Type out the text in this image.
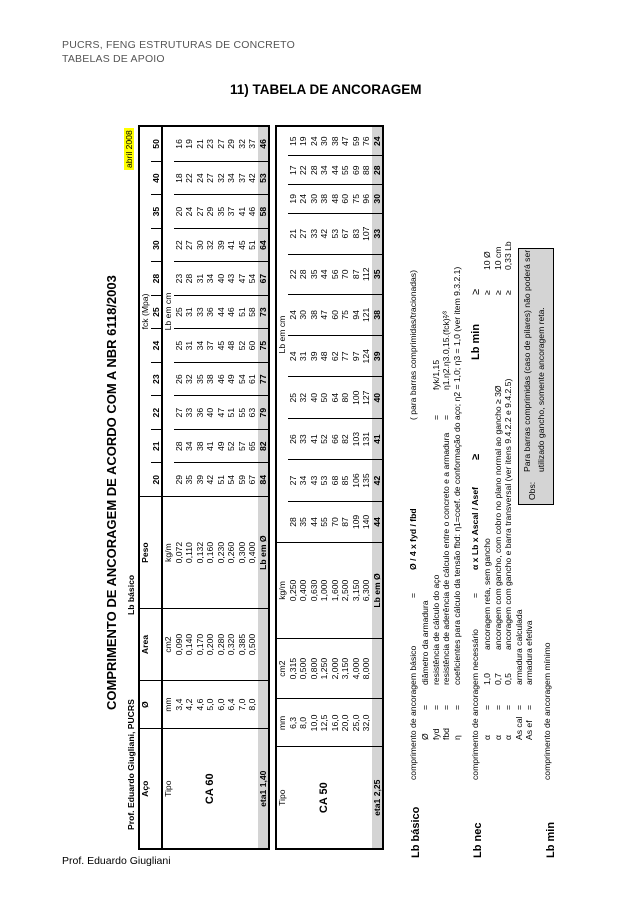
PUCRS, FENG ESTRUTURAS DE CONCRETO
TABELAS DE APOIO
11) TABELA DE ANCORAGEM
COMPRIMENTO DE ANCORAGEM DE ACORDO COM A NBR 6118/2003
Prof. Eduardo Giugliani, PUCRS
Lb básico
abril 2008
Aço	Ø	Area	Peso	fck (Mpa)										
				20	21	22	23	24	25	28	30	35	40	50
Tipo	mm	cm2	kg/m	Lb em cm										
	3,4	0,090	0,072	29	28	27	26	25	25	23	22	20	18	16
	4,2	0,140	0,110	35	34	33	32	31	31	28	27	24	22	19
	4,6	0,170	0,132	39	38	36	35	34	33	31	30	27	24	21
CA 60	5,0	0,200	0,160	42	41	40	38	37	36	34	32	29	27	23
	6,0	0,280	0,230	51	49	47	46	45	44	40	39	35	32	27
	6,4	0,320	0,260	54	52	51	49	48	46	43	41	37	34	29
	7,0	0,385	0,300	59	57	55	54	52	51	47	45	41	37	32
	8,0	0,500	0,400	67	65	63	61	60	58	54	51	46	42	37
eta1 1,40			Lb em Ø	84	82	79	77	75	73	67	64	58	53	46
Tipo	mm	cm2	kg/m	Lb em cm										
	6,3	0,315	0,250	28	27	26	25	24	24	22	21	19	17	15
	8,0	0,500	0,400	35	34	33	32	31	30	28	27	24	22	19
	10,0	0,800	0,630	44	43	41	40	39	38	35	33	30	28	24
CA 50	12,5	1,250	1,000	55	53	52	50	48	47	44	42	38	34	30
	16,0	2,000	1,600	70	68	66	64	62	60	56	53	48	44	38
	20,0	3,150	2,500	87	85	82	80	77	75	70	67	60	55	47
	25,0	4,000	3,150	109	106	103	100	97	94	87	83	75	69	59
	32,0	8,000	6,300	140	135	131	127	124	121	112	107	96	88	76
eta1 2,25			Lb em Ø	44	42	41	40	39	38	35	33	30	28	24
Lb básico
comprimento de ancoragem básico
=
Ø / 4 x fyd / fbd
( para barras comprimidas/tracionadas)
Ø
=
diâmetro da armadura
fyd
=
resistência de cálculo do aço
=
fyk/1,15
fbd
=
resistência de aderência de cálculo entre o concreto e a armadura
=
η1.η2.η3.0,15.(fck)²⁄³
η
=
coeficientes para cálculo da tensão fbd: η1=coef. de conformação do aço; η2 = 1,0; η3 = 1,0 (ver item 9.3.2.1)
Lb nec
comprimento de ancoragem necessário
=
α x Lb x Ascal / Asef
≥
Lb min
≥
α
=
1,0
ancoragem reta, sem gancho
≥
10 Ø
α
=
0,7
ancoragem com gancho, com cobro no plano normal ao gancho ≥ 3Ø
≥
10 cm
α
=
0,5
ancoragem com gancho e barra transversal (ver itens 9.4.2.2 e 9.4.2.5)
≥
0,33 Lb
As cal
=
armadura calculada
As ef
=
armadura efetiva
Lb min
comprimento de ancoragem mínimo
Obs:
Para barras comprimidas (caso de pilares) não poderá ser utilizado gancho, somente ancoragem reta.
Prof. Eduardo Giugliani
